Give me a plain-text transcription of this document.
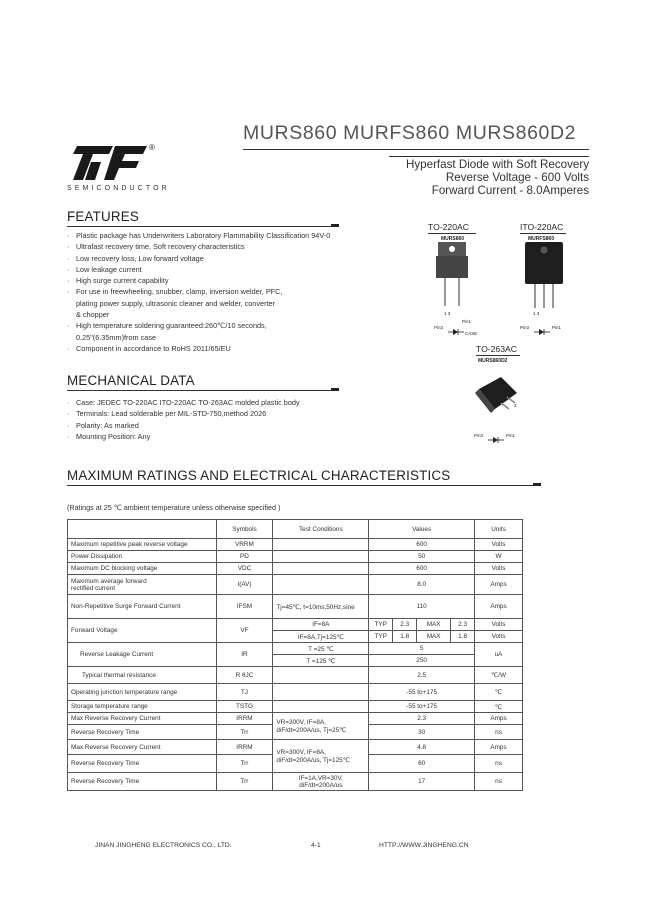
MURS860 MURFS860 MURS860D2
®
SEMICONDUCTOR
Hyperfast Diode with Soft Recovery
Reverse Voltage - 600 Volts
Forward Current - 8.0Amperes
FEATURES
· Plastic package has Underwriters Laboratory Flammability Classification 94V-0
· Ultrafast recovery time, Soft recovery characteristics
· Low recovery loss, Low forward voltage
· Low leakage current
· High surge current capability
· For use in freewheeling, snubber, clamp, inversion welder, PFC,
plating power supply, ultrasonic cleaner and welder, converter
& chopper
· High temperature soldering guaranteed:260℃/10 seconds,
0.25"(6.35mm)from case
· Component in accordance to RoHS 2011/65/EU
TO-220AC
MURS860
1 3
Pin1
Pin3
CASE
ITO-220AC
MURFS860
1 3
Pin3	Pin1
TO-263AC
MURS860D2
1
3
Pin3	Pin1
MECHANICAL DATA
· Case: JEDEC TO-220AC ITO-220AC TO-263AC molded plastic body
· Terminals: Lead solderable per MIL-STD-750,method 2026
· Polarity: As marked
· Mounting Position: Any
MAXIMUM RATINGS AND ELECTRICAL CHARACTERISTICS
(Ratings at 25 ℃ ambient temperature unless otherwise specified )
	Symbols	Test Conditions	Values				Units
Maximum repetitive peak reverse voltage	VRRM		600				Volts
Power Dissipation	PD		50				W
Maximum DC blocking voltage	VDC		600				Volts

Maximum average forward
rectified current	I(AV)		8.0				Amps
Non-Repetitive Surge Forward Current	IFSM	Tj=45℃, t=10ms,50Hz,sine	110				Amps
Forward Voltage	VF	IF=8A	TYP	2.3	MAX	2.3	Volts
		IF=8A,Tj=125℃	TYP	1.8	MAX	1.8	Volts
Reverse Leakage Current	IR	T =25 ℃	5				uA
		T =125 ℃	250				
Typical thermal resistance	R θJC		2.5				℃/W
Operating junction temperature range	TJ		-55 to+175				℃
Storage temperature range	TSTG		-55 to+175				℃
Max Reverse Recovery Current	IRRM	VR=300V, IF=8A,
diF/dt=200A/us, Tj=25℃	2.3				Amps
Reverse Recovery Time	Trr		30				ns
Max Reverse Recovery Current	IRRM	VR=300V, IF=8A,
diF/dt=200A/us, Tj=125℃	4.8				Amps
Reverse Recovery Time	Trr		60				ns
Reverse Recovery Time	Trr	IF=1A,VR=30V,
diF/dt=200A/us	17				ns
JINAN JINGHENG ELECTRONICS CO., LTD.	4-1	HTTP://WWW.JINGHENG.CN
